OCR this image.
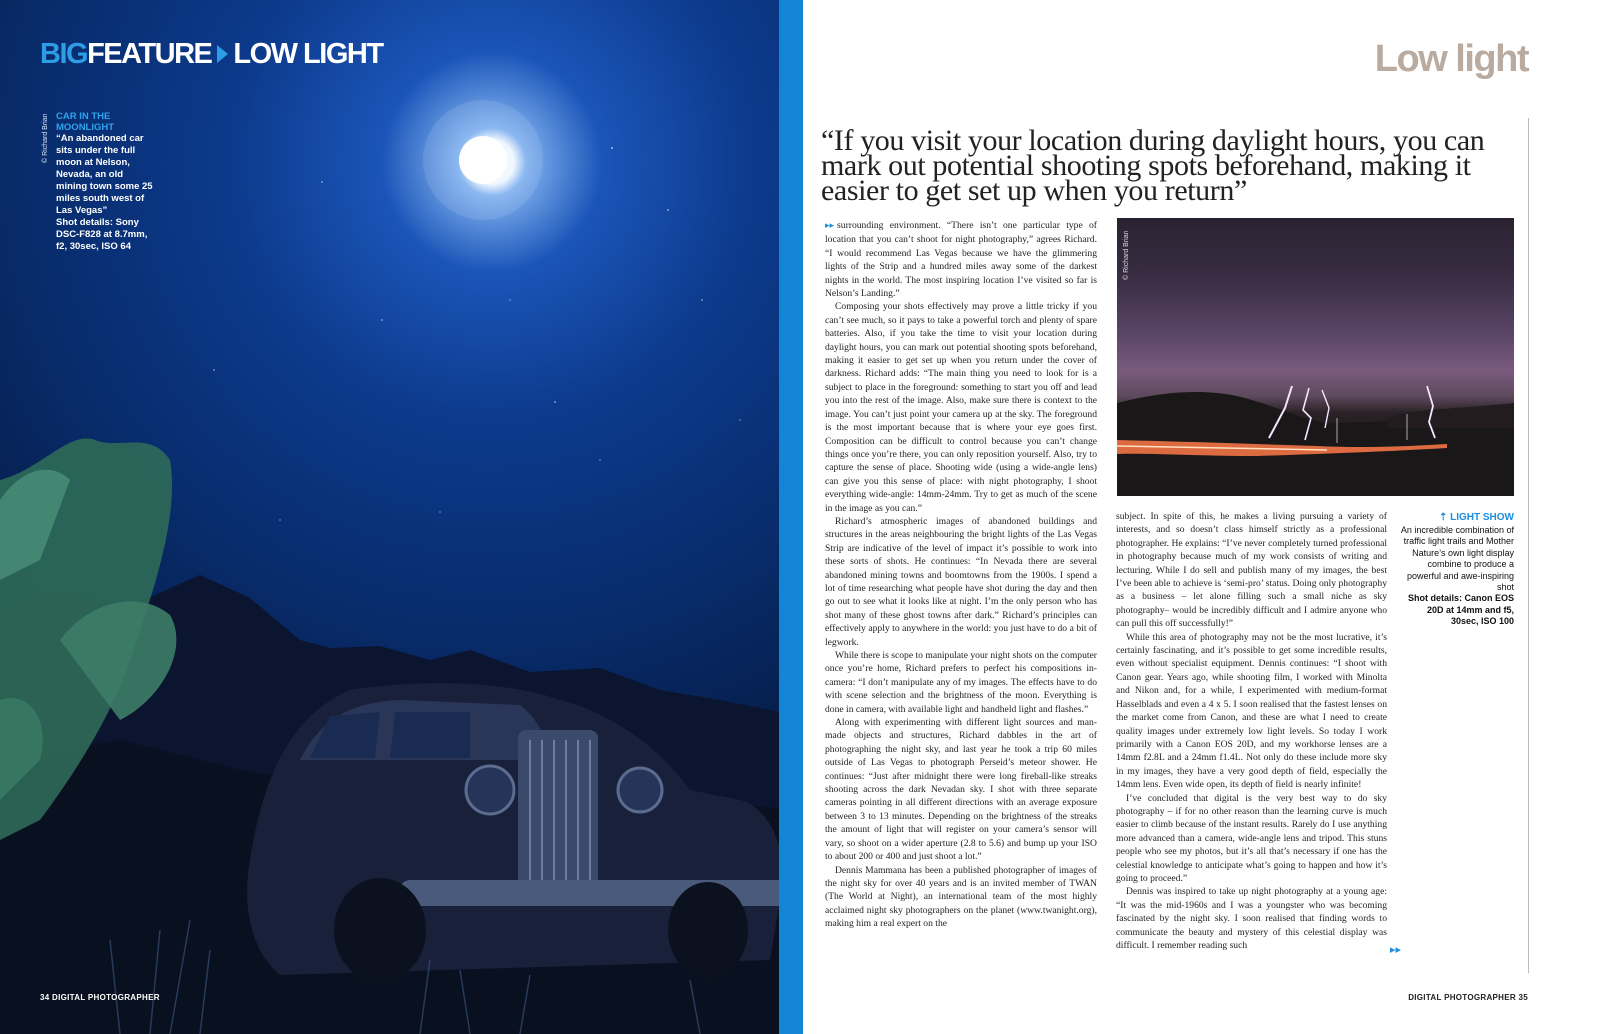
BIGFEATURE LOW LIGHT
© Richard Brian CAR IN THE MOONLIGHT
“An abandoned car sits under the full moon at Nelson, Nevada, an old mining town some 25 miles south west of Las Vegas”
Shot details: Sony DSC-F828 at 8.7mm, f2, 30sec, ISO 64
34 DIGITAL PHOTOGRAPHER
Low light
“If you visit your location during daylight hours, you can mark out potential shooting spots beforehand, making it easier to get set up when you return”

▸▸ surrounding environment. “There isn’t one particular type of location that you can’t shoot for night photography,” agrees Richard. “I would recommend Las Vegas because we have the glimmering lights of the Strip and a hundred miles away some of the darkest nights in the world. The most inspiring location I’ve visited so far is Nelson’s Landing.”

Composing your shots effectively may prove a little tricky if you can’t see much, so it pays to take a powerful torch and plenty of spare batteries. Also, if you take the time to visit your location during daylight hours, you can mark out potential shooting spots beforehand, making it easier to get set up when you return under the cover of darkness. Richard adds: “The main thing you need to look for is a subject to place in the foreground: something to start you off and lead you into the rest of the image. Also, make sure there is context to the image. You can’t just point your camera up at the sky. The foreground is the most important because that is where your eye goes first. Composition can be difficult to control because you can’t change things once you’re there, you can only reposition yourself. Also, try to capture the sense of place. Shooting wide (using a wide-angle lens) can give you this sense of place: with night photography, I shoot everything wide-angle: 14mm-24mm. Try to get as much of the scene in the image as you can.”

Richard’s atmospheric images of abandoned buildings and structures in the areas neighbouring the bright lights of the Las Vegas Strip are indicative of the level of impact it’s possible to work into these sorts of shots. He continues: “In Nevada there are several abandoned mining towns and boomtowns from the 1900s. I spend a lot of time researching what people have shot during the day and then go out to see what it looks like at night. I’m the only person who has shot many of these ghost towns after dark.” Richard’s principles can effectively apply to anywhere in the world: you just have to do a bit of legwork.

While there is scope to manipulate your night shots on the computer once you’re home, Richard prefers to perfect his compositions in-camera: “I don’t manipulate any of my images. The effects have to do with scene selection and the brightness of the moon. Everything is done in camera, with available light and handheld light and flashes.”

Along with experimenting with different light sources and man-made objects and structures, Richard dabbles in the art of photographing the night sky, and last year he took a trip 60 miles outside of Las Vegas to photograph Perseid’s meteor shower. He continues: “Just after midnight there were long fireball-like streaks shooting across the dark Nevadan sky. I shot with three separate cameras pointing in all different directions with an average exposure between 3 to 13 minutes. Depending on the brightness of the streaks the amount of light that will register on your camera’s sensor will vary, so shoot on a wider aperture (2.8 to 5.6) and bump up your ISO to about 200 or 400 and just shoot a lot.”

Dennis Mammana has been a published photographer of images of the night sky for over 40 years and is an invited member of TWAN (The World at Night), an international team of the most highly acclaimed night sky photographers on the planet (www.twanight.org), making him a real expert on the

© Richard Brian

subject. In spite of this, he makes a living pursuing a variety of interests, and so doesn’t class himself strictly as a professional photographer. He explains: “I’ve never completely turned professional in photography because much of my work consists of writing and lecturing. While I do sell and publish many of my images, the best I’ve been able to achieve is ‘semi-pro’ status. Doing only photography as a business – let alone filling such a small niche as sky photography– would be incredibly difficult and I admire anyone who can pull this off successfully!”

While this area of photography may not be the most lucrative, it’s certainly fascinating, and it’s possible to get some incredible results, even without specialist equipment. Dennis continues: “I shoot with Canon gear. Years ago, while shooting film, I worked with Minolta and Nikon and, for a while, I experimented with medium-format Hasselblads and even a 4 x 5. I soon realised that the fastest lenses on the market come from Canon, and these are what I need to create quality images under extremely low light levels. So today I work primarily with a Canon EOS 20D, and my workhorse lenses are a 14mm f2.8L and a 24mm f1.4L. Not only do these include more sky in my images, they have a very good depth of field, especially the 14mm lens. Even wide open, its depth of field is nearly infinite!

I’ve concluded that digital is the very best way to do sky photography – if for no other reason than the learning curve is much easier to climb because of the instant results. Rarely do I use anything more advanced than a camera, wide-angle lens and tripod. This stuns people who see my photos, but it’s all that’s necessary if one has the celestial knowledge to anticipate what’s going to happen and how it’s going to proceed.”

Dennis was inspired to take up night photography at a young age: “It was the mid-1960s and I was a youngster who was becoming fascinated by the night sky. I soon realised that finding words to communicate the beauty and mystery of this celestial display was difficult. I remember reading such

⇡ LIGHT SHOW
An incredible combination of traffic light trails and Mother Nature’s own light display combine to produce a powerful and awe-inspiring shot
Shot details: Canon EOS 20D at 14mm and f5, 30sec, ISO 100
▸▸
DIGITAL PHOTOGRAPHER 35
